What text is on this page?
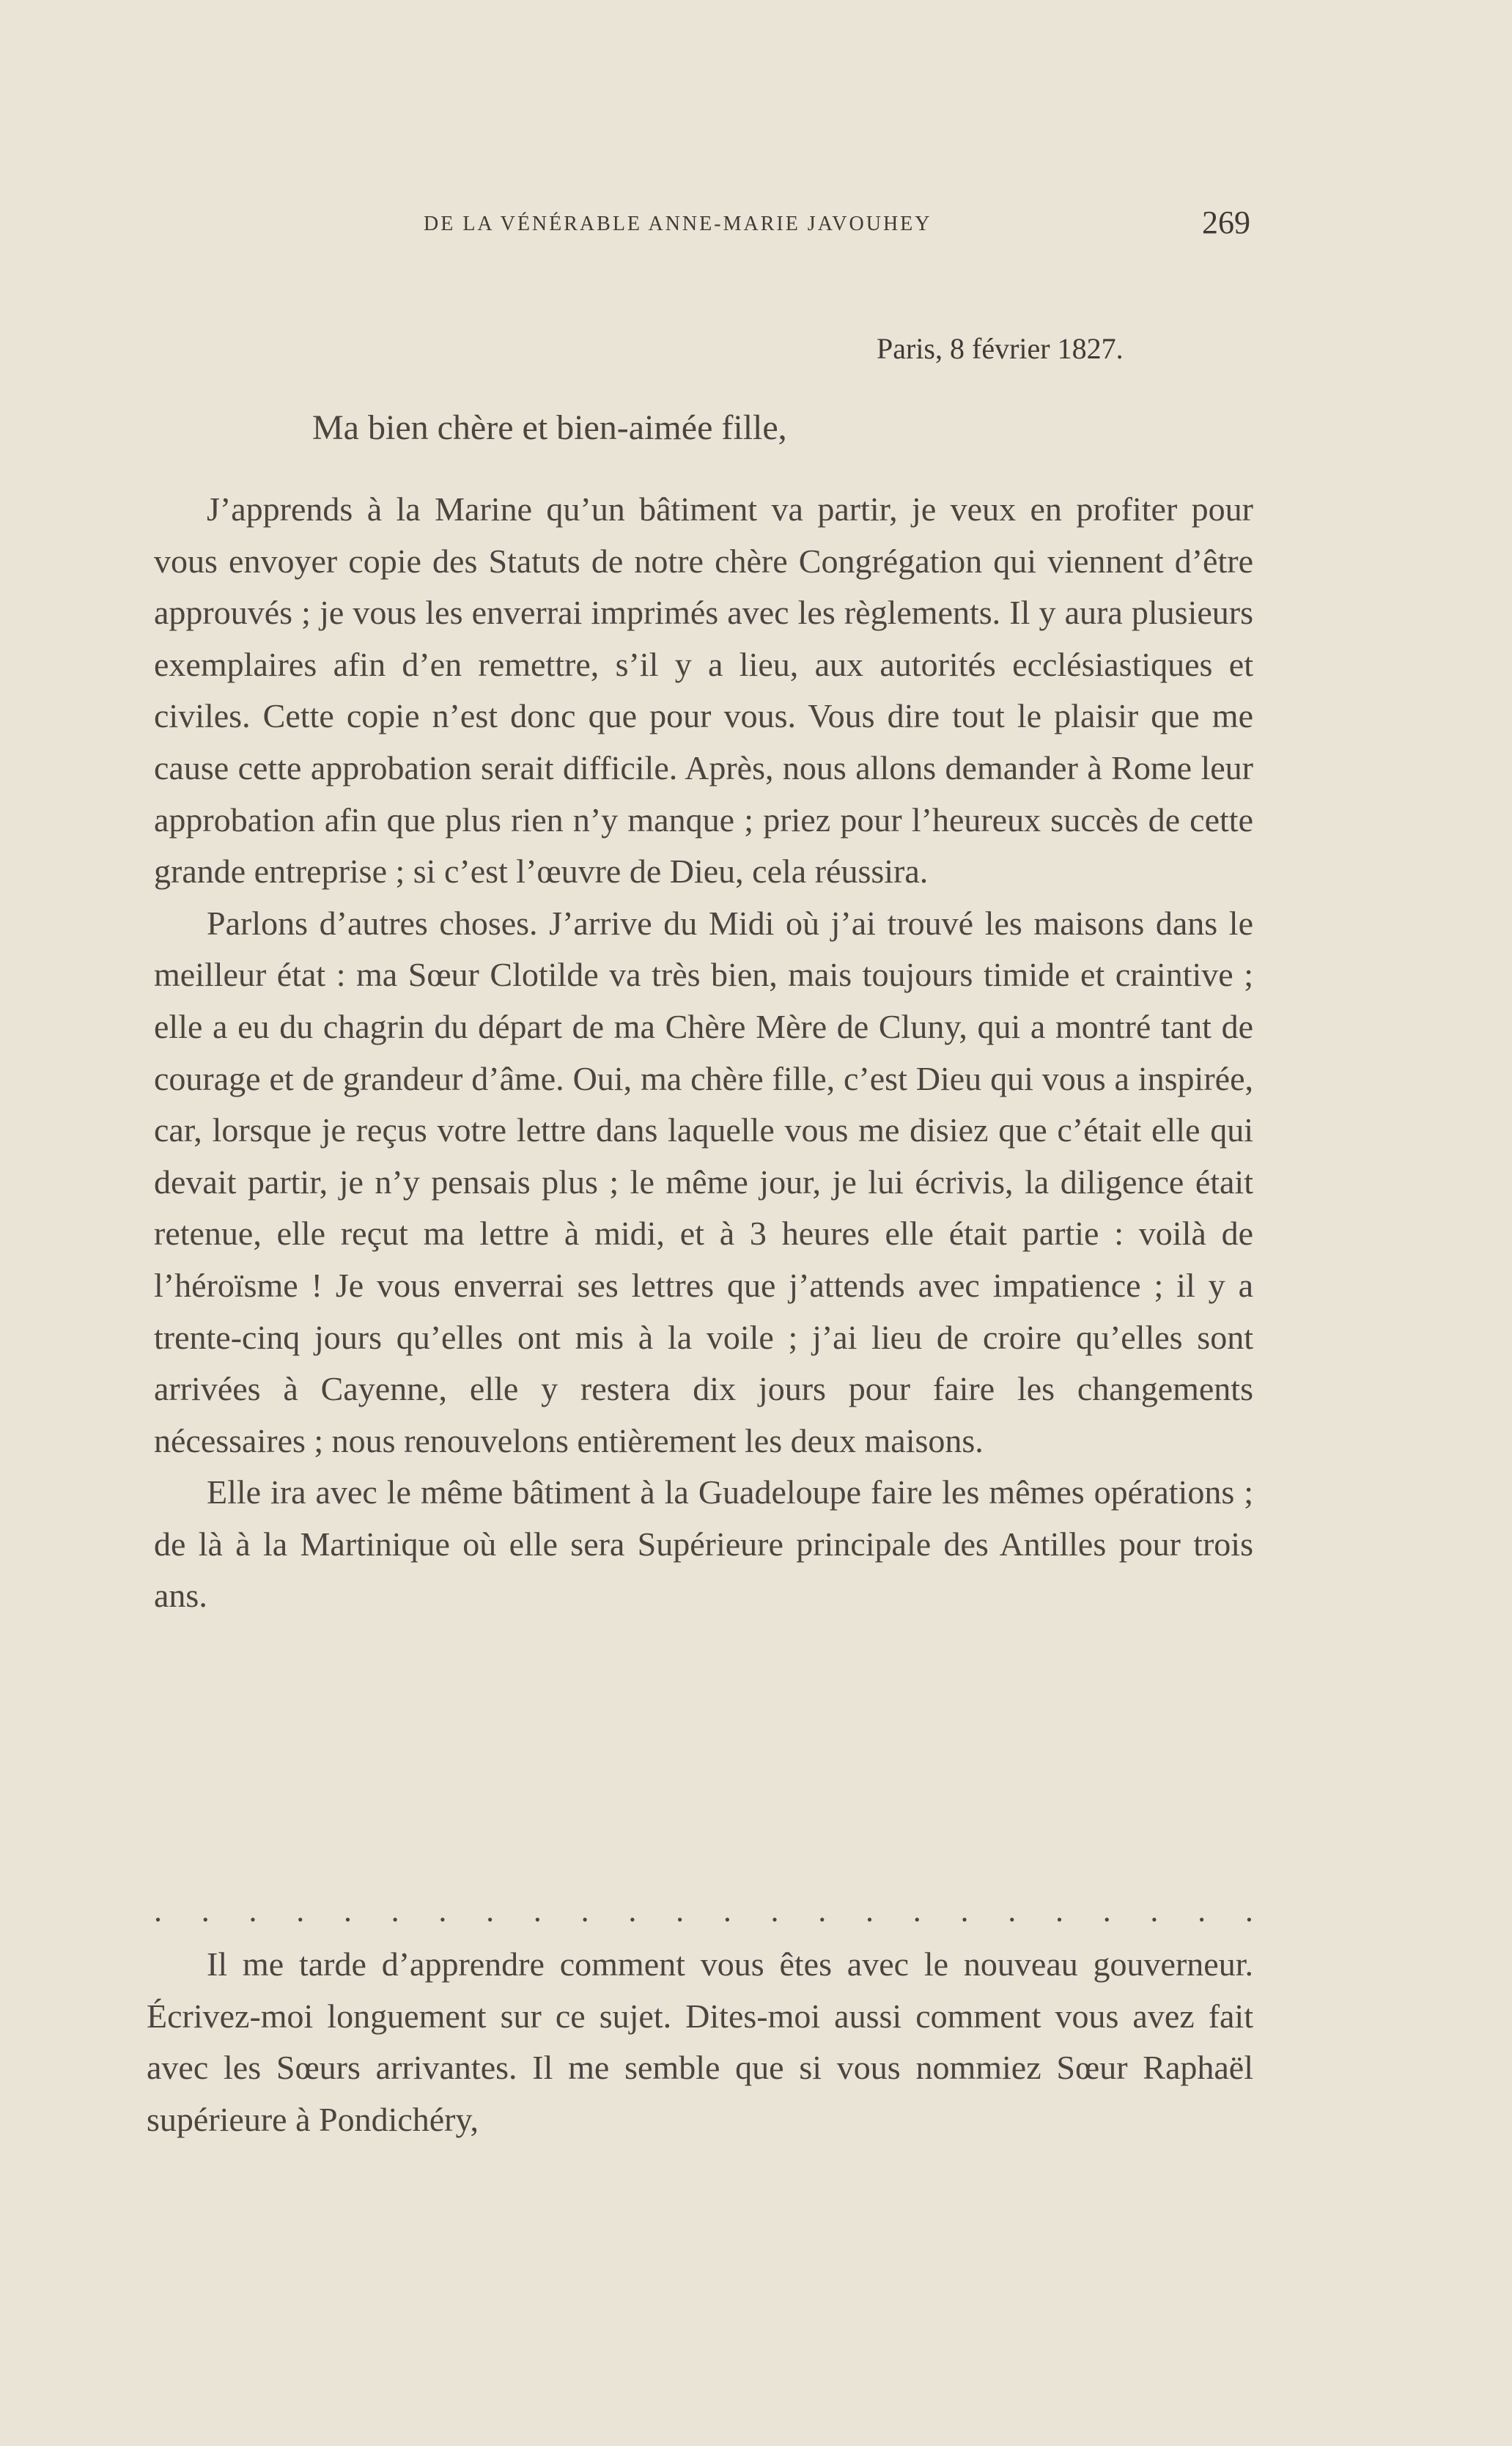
DE LA VÉNÉRABLE ANNE-MARIE JAVOUHEY	269
Paris, 8 février 1827.
Ma bien chère et bien-aimée fille,

J’apprends à la Marine qu’un bâtiment va partir, je veux en profiter pour vous envoyer copie des Statuts de notre chère Congrégation qui viennent d’être approuvés ; je vous les enverrai imprimés avec les règlements. Il y aura plusieurs exemplaires afin d’en remettre, s’il y a lieu, aux autorités ecclésiastiques et civiles. Cette copie n’est donc que pour vous. Vous dire tout le plaisir que me cause cette approbation serait difficile. Après, nous allons demander à Rome leur approbation afin que plus rien n’y manque ; priez pour l’heureux succès de cette grande entreprise ; si c’est l’œuvre de Dieu, cela réussira.

Parlons d’autres choses. J’arrive du Midi où j’ai trouvé les maisons dans le meilleur état : ma Sœur Clotilde va très bien, mais toujours timide et craintive ; elle a eu du chagrin du départ de ma Chère Mère de Cluny, qui a montré tant de courage et de grandeur d’âme. Oui, ma chère fille, c’est Dieu qui vous a inspirée, car, lorsque je reçus votre lettre dans laquelle vous me disiez que c’était elle qui devait partir, je n’y pensais plus ; le même jour, je lui écrivis, la diligence était retenue, elle reçut ma lettre à midi, et à 3 heures elle était partie : voilà de l’héroïsme ! Je vous enverrai ses lettres que j’attends avec impatience ; il y a trente-cinq jours qu’elles ont mis à la voile ; j’ai lieu de croire qu’elles sont arrivées à Cayenne, elle y restera dix jours pour faire les changements nécessaires ; nous renouvelons entièrement les deux maisons.

Elle ira avec le même bâtiment à la Guadeloupe faire les mêmes opérations ; de là à la Martinique où elle sera Supérieure principale des Antilles pour trois ans.

. . . . . . . . . . . . . . . . . . . . . . . .

Il me tarde d’apprendre comment vous êtes avec le nouveau gouverneur. Écrivez-moi longuement sur ce sujet. Dites-moi aussi comment vous avez fait avec les Sœurs arrivantes. Il me semble que si vous nommiez Sœur Raphaël supérieure à Pondichéry,
